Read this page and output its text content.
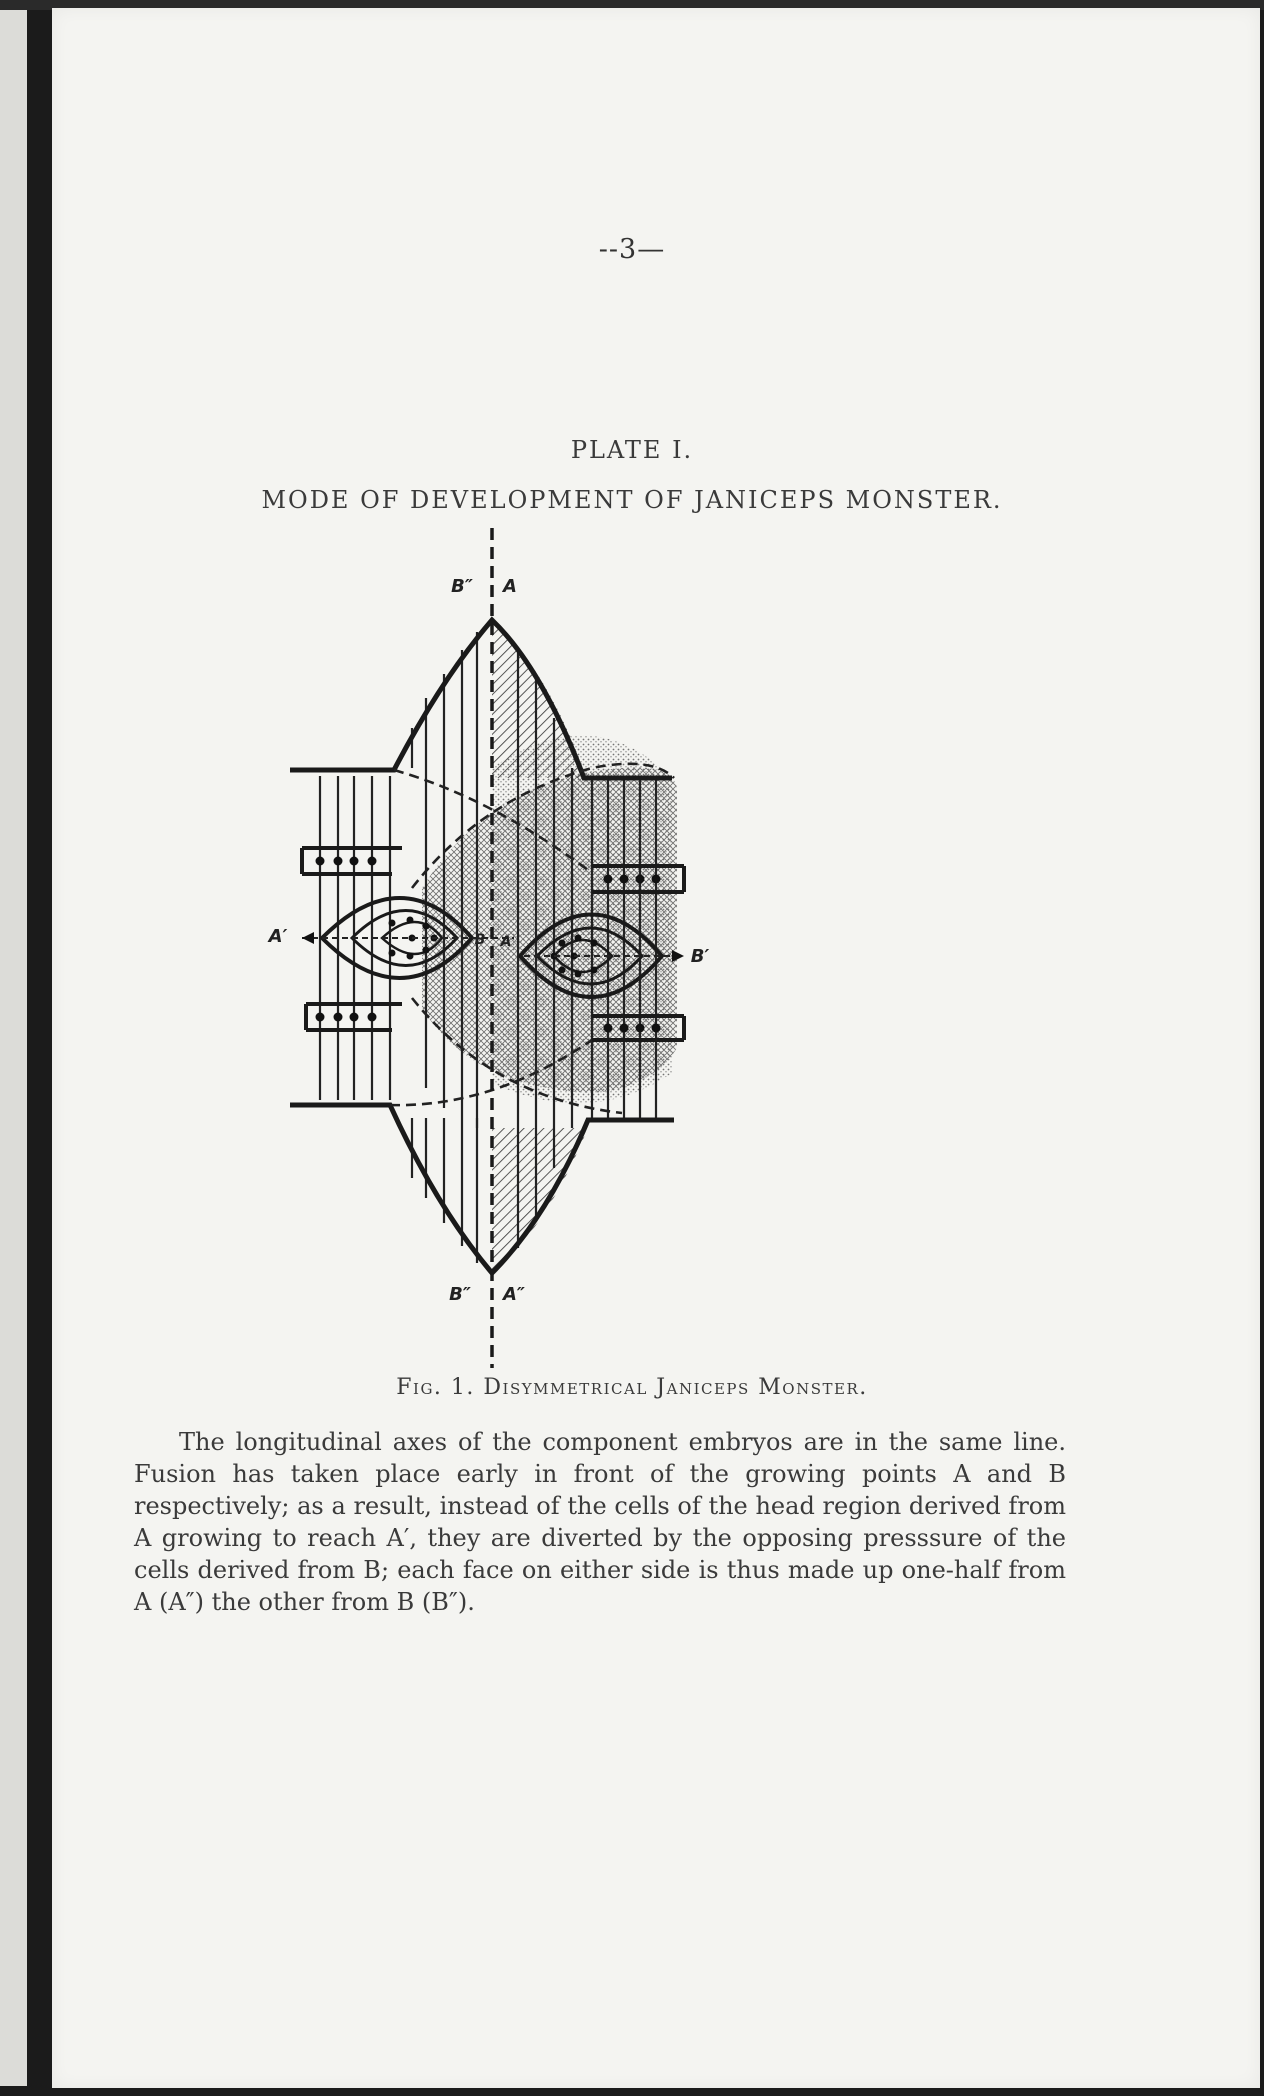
--3—
PLATE I.
MODE OF DEVELOPMENT OF JANICEPS MONSTER.
B″ A
B″ A″
A′
B′
B A
Fig. 1. Disymmetrical Janiceps Monster.

The longitudinal axes of the component embryos are in the same line. Fusion has taken place early in front of the growing points A and B respectively; as a result, instead of the cells of the head region derived from A growing to reach A′, they are diverted by the opposing presssure of the cells derived from B; each face on either side is thus made up one-half from A (A″) the other from B (B″).
